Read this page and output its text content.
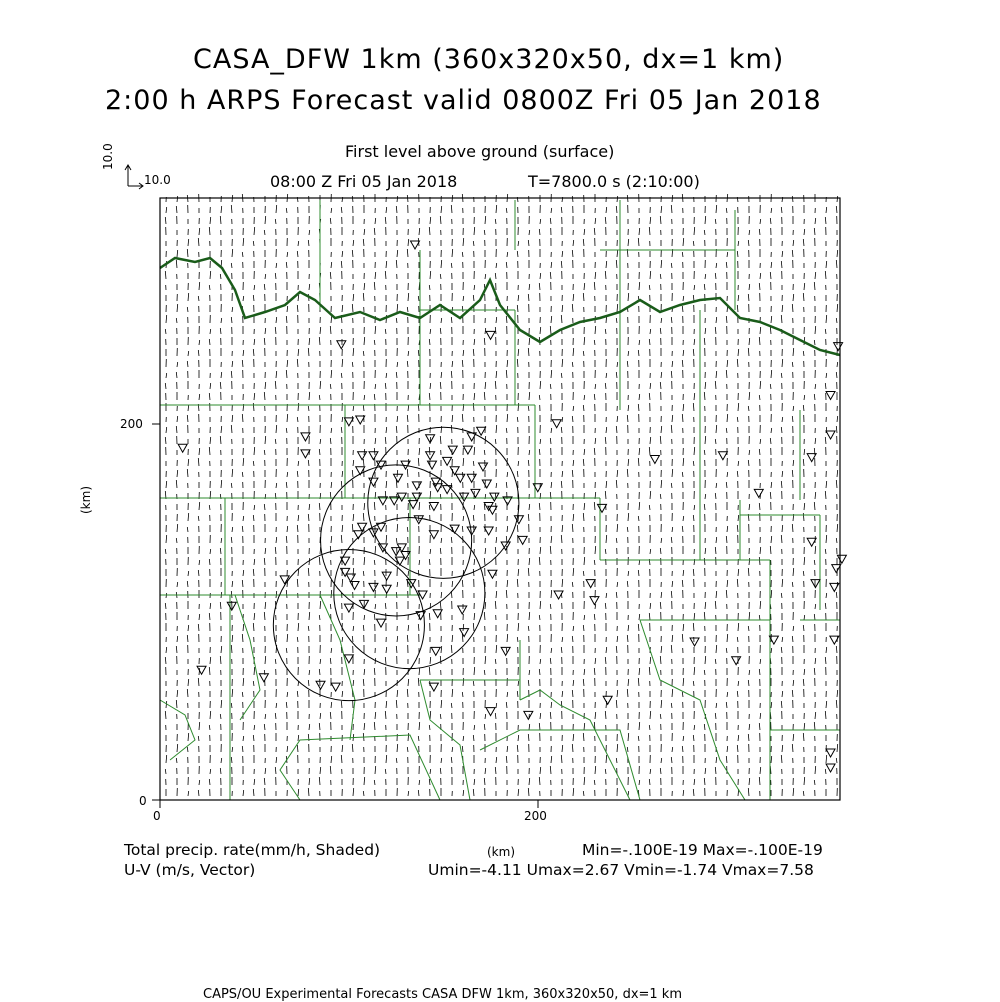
CASA_DFW 1km (360x320x50, dx=1 km)
2:00 h ARPS Forecast valid 0800Z Fri 05 Jan 2018
First level above ground (surface)
08:00 Z Fri 05 Jan 2018	T=7800.0 s (2:10:00)
10.0
10.0
(km)
200
0
0	200
(km)
Total precip. rate(mm/h, Shaded)
U-V (m/s, Vector)
Min=-.100E-19 Max=-.100E-19
Umin=-4.11 Umax=2.67 Vmin=-1.74 Vmax=7.58
CAPS/OU Experimental Forecasts CASA DFW 1km, 360x320x50, dx=1 km
